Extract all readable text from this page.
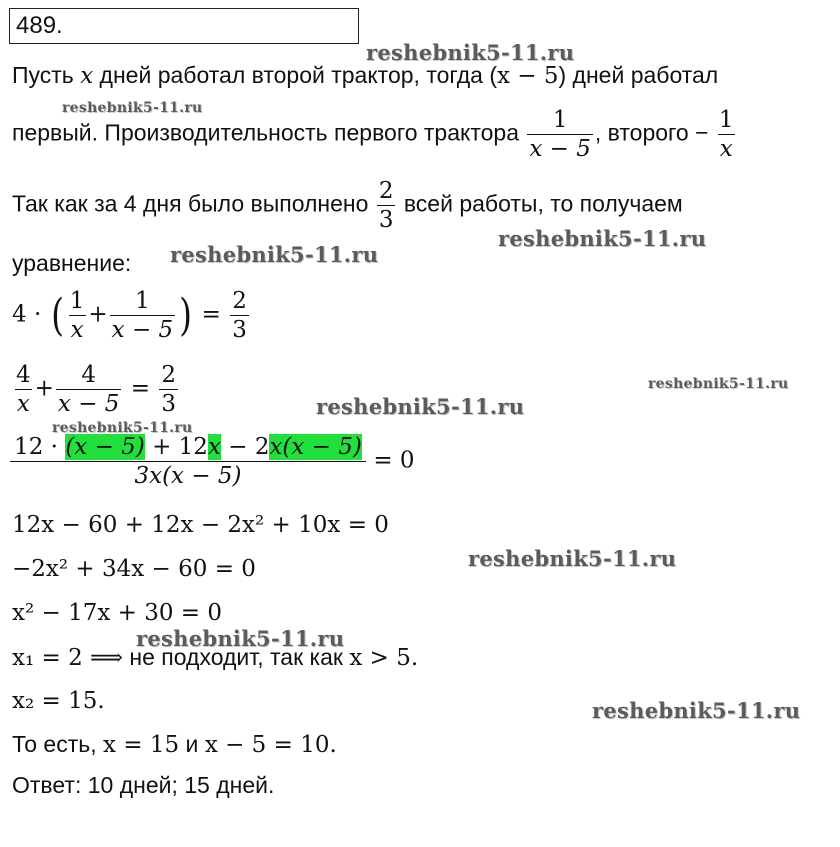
489.
Пусть x дней работал второй трактор, тогда (x − 5) дней работал
первый. Производительность первого трактора $\frac{1}{x - 5}$ , второго − $\frac{1}{x}$
Так как за 4 дня было выполнено $\frac{2}{3}$ всей работы, то получаем
уравнение:
4 · ( $\frac{1}{x} + \frac{1}{x - 5}$ ) = $\frac{2}{3}$
$\frac{4}{x} + \frac{4}{x - 5} = \frac{2}{3}$
$\frac{12 \cdot (x - 5) + 12x - 2x(x - 5)}{3x(x - 5)} = 0$
12x − 60 + 12x − 2x² + 10x = 0
−2x² + 34x − 60 = 0
x² − 17x + 30 = 0
x₁ = 2 ⟹ не подходит, так как x > 5.
x₂ = 15.
То есть, x = 15 и x − 5 = 10.
Ответ: 10 дней; 15 дней.
reshebnik5-11.ru
reshebnik5-11.ru
reshebnik5-11.ru
reshebnik5-11.ru
reshebnik5-11.ru
reshebnik5-11.ru
reshebnik5-11.ru
reshebnik5-11.ru
reshebnik5-11.ru
reshebnik5-11.ru
